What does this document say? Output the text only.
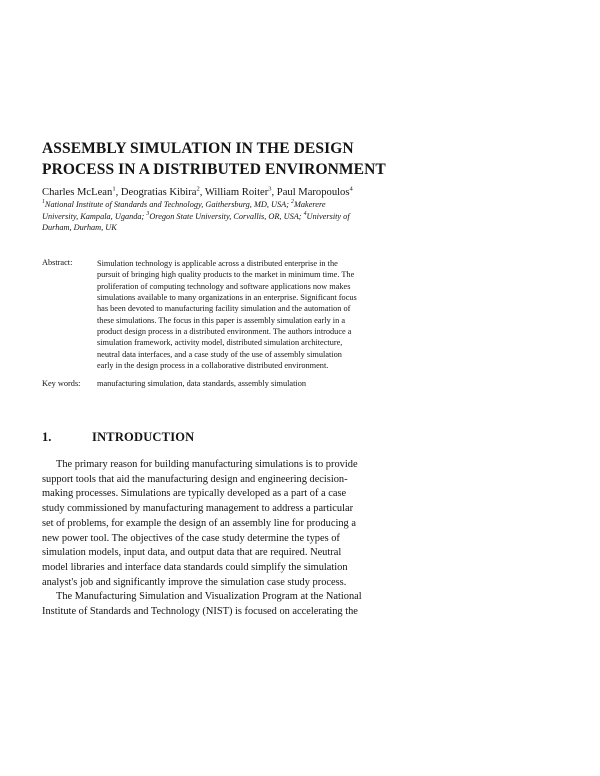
ASSEMBLY SIMULATION IN THE DESIGN
PROCESS IN A DISTRIBUTED ENVIRONMENT
Charles McLean$^1$, Deogratias Kibira$^2$, William Roiter$^3$, Paul Maropoulos$^4$
$^1$National Institute of Standards and Technology, Gaithersburg, MD, USA; $^2$Makerere
University, Kampala, Uganda; $^3$Oregon State University, Corvallis, OR, USA; $^4$University of
Durham, Durham, UK
Abstract:	Simulation technology is applicable across a distributed enterprise in the
pursuit of bringing high quality products to the market in minimum time. The
proliferation of computing technology and software applications now makes
simulations available to many organizations in an enterprise. Significant focus
has been devoted to manufacturing facility simulation and the automation of
these simulations. The focus in this paper is assembly simulation early in a
product design process in a distributed environment. The authors introduce a
simulation framework, activity model, distributed simulation architecture,
neutral data interfaces, and a case study of the use of assembly simulation
early in the design process in a collaborative distributed environment.
Key words: manufacturing simulation, data standards, assembly simulation
1.	INTRODUCTION
The primary reason for building manufacturing simulations is to provide
support tools that aid the manufacturing design and engineering decision-
making processes. Simulations are typically developed as a part of a case
study commissioned by manufacturing management to address a particular
set of problems, for example the design of an assembly line for producing a
new power tool. The objectives of the case study determine the types of
simulation models, input data, and output data that are required. Neutral
model libraries and interface data standards could simplify the simulation
analyst's job and significantly improve the simulation case study process.
The Manufacturing Simulation and Visualization Program at the National
Institute of Standards and Technology (NIST) is focused on accelerating the
